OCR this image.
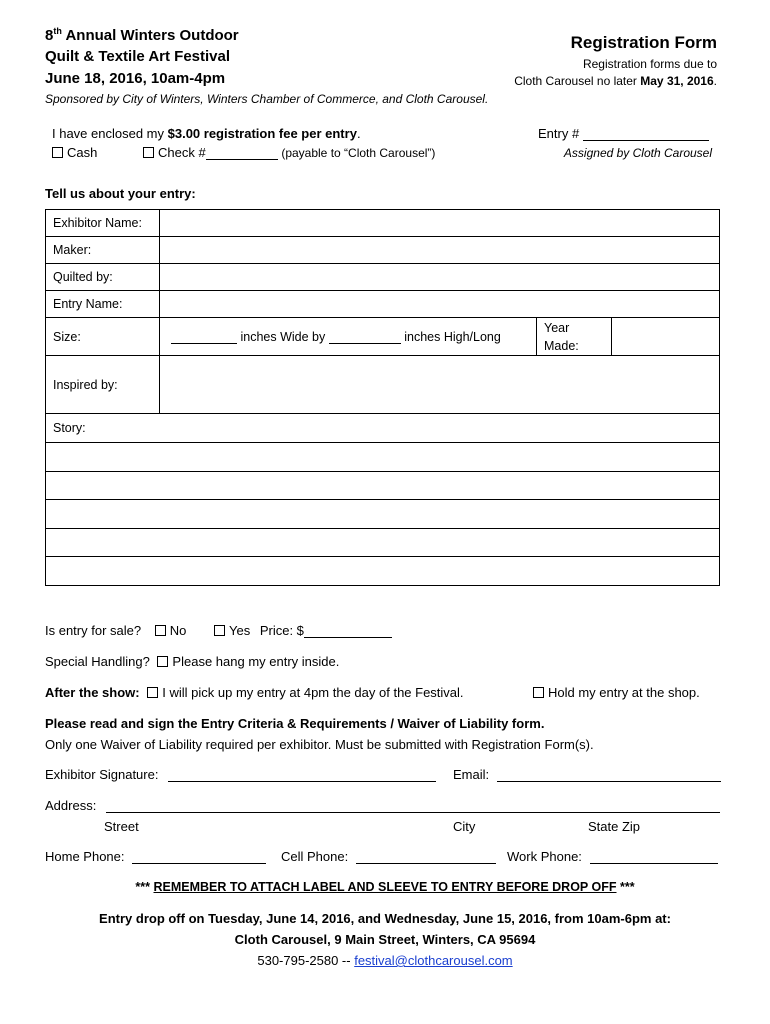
8th Annual Winters Outdoor
Quilt & Textile Art Festival
June 18, 2016, 10am-4pm
Sponsored by City of Winters, Winters Chamber of Commerce, and Cloth Carousel.
Registration Form
Registration forms due to
Cloth Carousel no later May 31, 2016.
I have enclosed my $3.00 registration fee per entry.
Cash	Check #	(payable to “Cloth Carousel”)
Entry #
Assigned by Cloth Carousel
Tell us about your entry:
Exhibitor Name:			
Maker:			
Quilted by:			
Entry Name:			
Size:	inches Wide by inches High/Long	Year
Made:	
Inspired by:			
Story:			

Is entry for sale? No	Yes Price: $
Special Handling? Please hang my entry inside.
After the show: I will pick up my entry at 4pm the day of the Festival.	Hold my entry at the shop.
Please read and sign the Entry Criteria & Requirements / Waiver of Liability form.
Only one Waiver of Liability required per exhibitor. Must be submitted with Registration Form(s).
Exhibitor Signature:	Email:
Address:
Street	City	State Zip
Home Phone:	Cell Phone:	Work Phone:
*** REMEMBER TO ATTACH LABEL AND SLEEVE TO ENTRY BEFORE DROP OFF ***
Entry drop off on Tuesday, June 14, 2016, and Wednesday, June 15, 2016, from 10am-6pm at:
Cloth Carousel, 9 Main Street, Winters, CA 95694
530-795-2580 -- festival@clothcarousel.com
